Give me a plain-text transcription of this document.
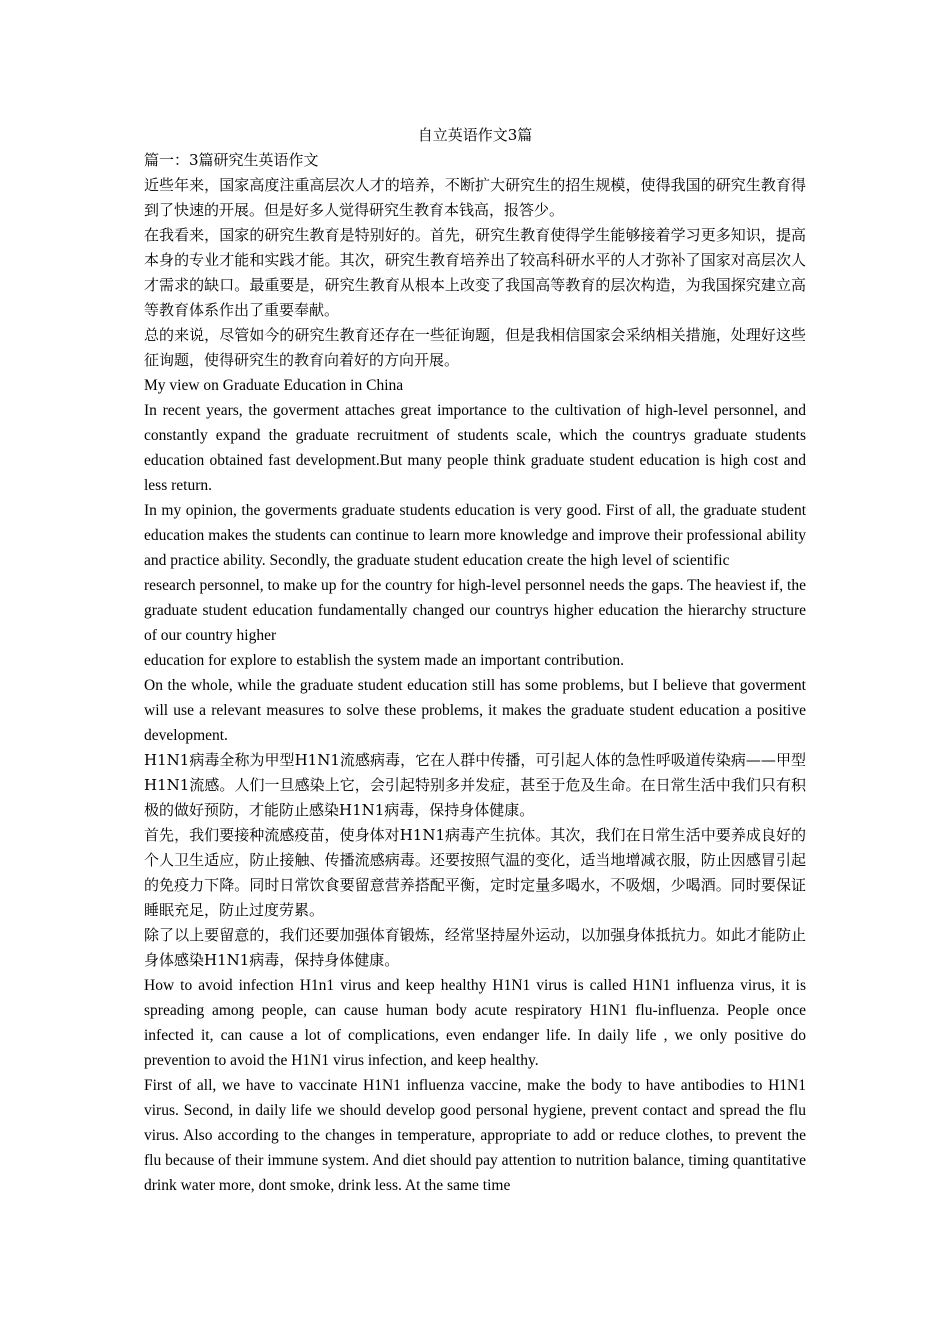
自立英语作文3篇

篇一：3篇研究生英语作文

近些年来，国家高度注重高层次人才的培养，不断扩大研究生的招生规模，使得我国的研究生教育得到了快速的开展。但是好多人觉得研究生教育本钱高，报答少。

在我看来，国家的研究生教育是特别好的。首先，研究生教育使得学生能够接着学习更多知识，提高本身的专业才能和实践才能。其次，研究生教育培养出了较高科研水平的人才弥补了国家对高层次人才需求的缺口。最重要是，研究生教育从根本上改变了我国高等教育的层次构造，为我国探究建立高等教育体系作出了重要奉献。

总的来说，尽管如今的研究生教育还存在一些征询题，但是我相信国家会采纳相关措施，处理好这些征询题，使得研究生的教育向着好的方向开展。

My view on Graduate Education in China

In recent years, the goverment attaches great importance to the cultivation of high-level personnel, and constantly expand the graduate recruitment of students scale, which the countrys graduate students education obtained fast development.But many people think graduate student education is high cost and less return.

In my opinion, the goverments graduate students education is very good. First of all, the graduate student education makes the students can continue to learn more knowledge and improve their professional ability and practice ability. Secondly, the graduate student education create the high level of scientific

research personnel, to make up for the country for high-level personnel needs the gaps. The heaviest if, the graduate student education fundamentally changed our countrys higher education the hierarchy structure of our country higher

education for explore to establish the system made an important contribution.

On the whole, while the graduate student education still has some problems, but I believe that goverment will use a relevant measures to solve these problems, it makes the graduate student education a positive development.

H1N1病毒全称为甲型H1N1流感病毒，它在人群中传播，可引起人体的急性呼吸道传染病——甲型H1N1流感。人们一旦感染上它，会引起特别多并发症，甚至于危及生命。在日常生活中我们只有积极的做好预防，才能防止感染H1N1病毒，保持身体健康。

首先，我们要接种流感疫苗，使身体对H1N1病毒产生抗体。其次，我们在日常生活中要养成良好的个人卫生适应，防止接触、传播流感病毒。还要按照气温的变化，适当地增减衣服，防止因感冒引起的免疫力下降。同时日常饮食要留意营养搭配平衡，定时定量多喝水，不吸烟，少喝酒。同时要保证睡眠充足，防止过度劳累。

除了以上要留意的，我们还要加强体育锻炼，经常坚持屋外运动，以加强身体抵抗力。如此才能防止身体感染H1N1病毒，保持身体健康。

How to avoid infection H1n1 virus and keep healthy H1N1 virus is called H1N1 influenza virus, it is spreading among people, can cause human body acute respiratory H1N1 flu-influenza. People once infected it, can cause a lot of complications, even endanger life. In daily life , we only positive do prevention to avoid the H1N1 virus infection, and keep healthy.

First of all, we have to vaccinate H1N1 influenza vaccine, make the body to have antibodies to H1N1 virus. Second, in daily life we should develop good personal hygiene, prevent contact and spread the flu virus. Also according to the changes in temperature, appropriate to add or reduce clothes, to prevent the flu because of their immune system. And diet should pay attention to nutrition balance, timing quantitative drink water more, dont smoke, drink less. At the same time
